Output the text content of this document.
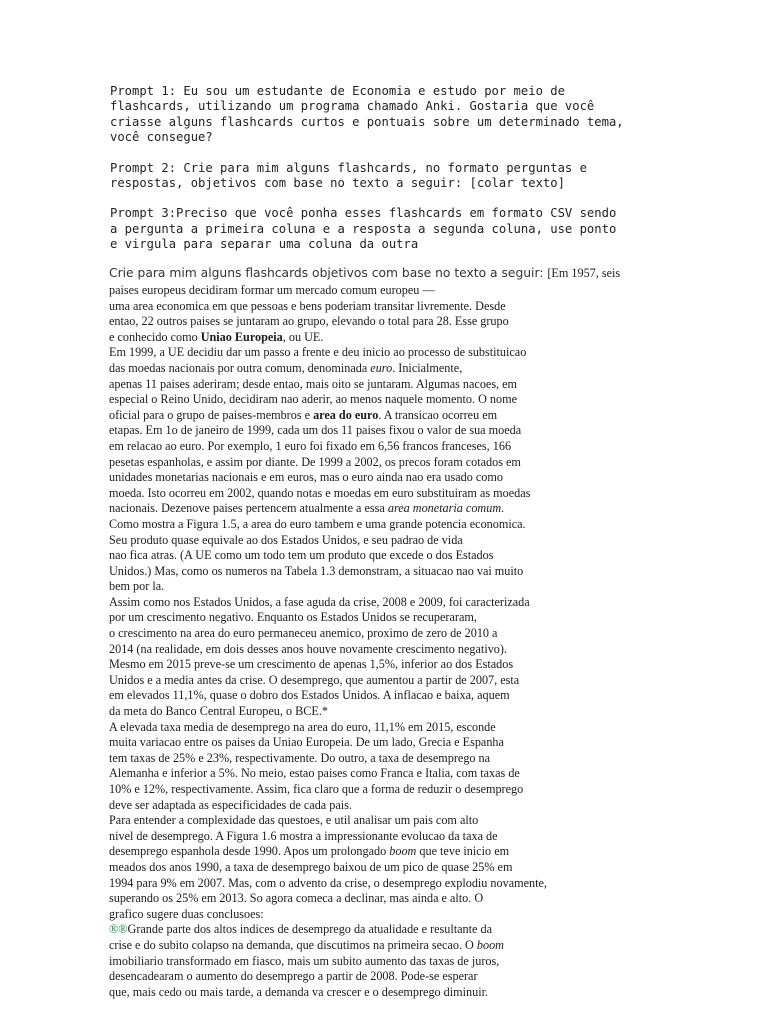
Prompt 1: Eu sou um estudante de Economia e estudo por meio de
flashcards, utilizando um programa chamado Anki. Gostaria que você
criasse alguns flashcards curtos e pontuais sobre um determinado tema,
você consegue?

Prompt 2: Crie para mim alguns flashcards, no formato perguntas e
respostas, objetivos com base no texto a seguir: [colar texto]

Prompt 3:Preciso que você ponha esses flashcards em formato CSV sendo
a pergunta a primeira coluna e a resposta a segunda coluna, use ponto
e virgula para separar uma coluna da outra

Crie para mim alguns flashcards objetivos com base no texto a seguir: [Em 1957, seis
paises europeus decidiram formar um mercado comum europeu —
uma area economica em que pessoas e bens poderiam transitar livremente. Desde
entao, 22 outros paises se juntaram ao grupo, elevando o total para 28. Esse grupo
e conhecido como Uniao Europeia, ou UE.
Em 1999, a UE decidiu dar um passo a frente e deu inicio ao processo de substituicao
das moedas nacionais por outra comum, denominada euro. Inicialmente,
apenas 11 paises aderiram; desde entao, mais oito se juntaram. Algumas nacoes, em
especial o Reino Unido, decidiram nao aderir, ao menos naquele momento. O nome
oficial para o grupo de paises-membros e area do euro. A transicao ocorreu em
etapas. Em 1o de janeiro de 1999, cada um dos 11 paises fixou o valor de sua moeda
em relacao ao euro. Por exemplo, 1 euro foi fixado em 6,56 francos franceses, 166
pesetas espanholas, e assim por diante. De 1999 a 2002, os precos foram cotados em
unidades monetarias nacionais e em euros, mas o euro ainda nao era usado como
moeda. Isto ocorreu em 2002, quando notas e moedas em euro substituiram as moedas
nacionais. Dezenove paises pertencem atualmente a essa area monetaria comum.
Como mostra a Figura 1.5, a area do euro tambem e uma grande potencia economica.
Seu produto quase equivale ao dos Estados Unidos, e seu padrao de vida
nao fica atras. (A UE como um todo tem um produto que excede o dos Estados
Unidos.) Mas, como os numeros na Tabela 1.3 demonstram, a situacao nao vai muito
bem por la.
Assim como nos Estados Unidos, a fase aguda da crise, 2008 e 2009, foi caracterizada
por um crescimento negativo. Enquanto os Estados Unidos se recuperaram,
o crescimento na area do euro permaneceu anemico, proximo de zero de 2010 a
2014 (na realidade, em dois desses anos houve novamente crescimento negativo).
Mesmo em 2015 preve-se um crescimento de apenas 1,5%, inferior ao dos Estados
Unidos e a media antes da crise. O desemprego, que aumentou a partir de 2007, esta
em elevados 11,1%, quase o dobro dos Estados Unidos. A inflacao e baixa, aquem
da meta do Banco Central Europeu, o BCE.*
A elevada taxa media de desemprego na area do euro, 11,1% em 2015, esconde
muita variacao entre os paises da Uniao Europeia. De um lado, Grecia e Espanha
tem taxas de 25% e 23%, respectivamente. Do outro, a taxa de desemprego na
Alemanha e inferior a 5%. No meio, estao paises como Franca e Italia, com taxas de
10% e 12%, respectivamente. Assim, fica claro que a forma de reduzir o desemprego
deve ser adaptada as especificidades de cada pais.
Para entender a complexidade das questoes, e util analisar um pais com alto
nivel de desemprego. A Figura 1.6 mostra a impressionante evolucao da taxa de
desemprego espanhola desde 1990. Apos um prolongado boom que teve inicio em
meados dos anos 1990, a taxa de desemprego baixou de um pico de quase 25% em
1994 para 9% em 2007. Mas, com o advento da crise, o desemprego explodiu novamente,
superando os 25% em 2013. So agora comeca a declinar, mas ainda e alto. O
grafico sugere duas conclusoes:
®®Grande parte dos altos indices de desemprego da atualidade e resultante da
crise e do subito colapso na demanda, que discutimos na primeira secao. O boom
imobiliario transformado em fiasco, mais um subito aumento das taxas de juros,
desencadearam o aumento do desemprego a partir de 2008. Pode-se esperar
que, mais cedo ou mais tarde, a demanda va crescer e o desemprego diminuir.
